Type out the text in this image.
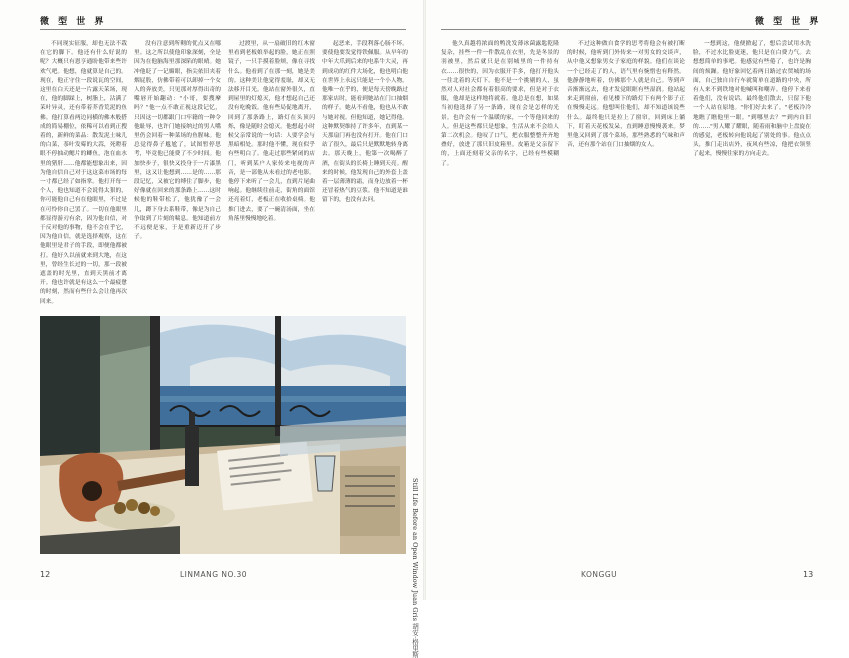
微 型 世 界

不同现实征服，却也无法不栽在它的脚下。他还有什么好说的呢？大概只有恩亨通盼他带来些许欢气吧。他想，他就算是自己的。现在，他正守住一段说瓦的空间，这里在白天还是一片露天茉场，现在，他的脚踩上，树脂上，沾满了茉叶异灵，还有带着芥香荒泥的鱼佛。他打算看两边同横的佛木般搭成的简易棚位，依稀可以看到正搜着的，新鲜的菜品：散发泥土味儿的白菜，茶叶发霉的大蒜，死瞪着眼不停抽动鳃片的鲫鱼，泡在血水里的猪肝……他都能想象出来，因为他自信自己对于这这菜市场的每一寸都已经了如指掌。他打开每一个人，他也知道不会说得太狠的，你可能他自己有在他眼里，不过是在可怜你自己罢了。一切在他眼里都显得游刃有余，因为他自信，对于反对他的事物，他不会在乎它，因为他自信，就是选择观察，这在他眼里是君子的手段，即便他都被打。他好久以前就来到大地，在这里，曾经生长过的一切，那一段被遮盖的时光里，直到天黑前才离开。他也许就是有这么一个最疲惫的时刻，然而有些什么会让他再次回来。

没有注意到所剩的优点又在哪里。这之所以使他印象深刻，全是因为在他脑海里那深陷的眼晴。她冲他眨了一记媚眼，指尖依旧夹着烟屁股，仿佛带着可以卸掉一个女人的奔放美，只见那对厚得出奇的嘴唇开始翻动："小哥，要搜摩吗？"他一点不敢正视这段记忆，只因这一切都跟门口牢籍的一种令他耻辱，也许门她接纳过的男人嘴里仍会回着一种菜场的鱼腥味。他总觉得鼻子尴尬了，试图暂停思考，毕竟他已能费了不少时间。他加快步子，很快又投身于一片漆黑里，这又让他想到……是的……那段记忆，又被它的缚住了脚步，他好像就在回来的那条路上……这时候他的鞋带松了，他犹豫了一会儿，蹲下身去系鞋带，像是为自己争取到了片刻的喘息。他知道前方不远便是家，于是重新迈开了步子。

过渡里，从一扇破旧的红木窗里看到老板娘举起的脸，她正在照镜子，一只手摸着脸颊，像在寻找什么。他看到了在那一刻，她是美的。这种美让他觉得羞耻，却又无法移开目光。他站在窗外很久，直到屋里的灯熄灭，他才想起自己还没有吃晚饭。他有些局促地离开，回到了那条路上，路灯在头顶闪烁，像是随时会熄灭。他想起小时候父亲常说的一句话：人要学会与黑暗相处。那时他不懂，现在似乎有些明白了。他走过那些紧闭的店门，听到某户人家传来电视的声音，是一部他从未看过的老电影。他停下来听了一会儿，直到片尾曲响起。他继续往前走，街角的面馆还亮着灯，老板正在收拾桌椅。他推门进去，要了一碗清汤面，坐在角落里慢慢地吃着。

起恶来，手段利落心肠不坏。要使他要发觉得铁佩服。从早年的中年大爪到后来的电系牛大灵，再到成功的红件大场化，他也明白他在世界上永远只能是一个小人物。他唯一在乎的，便是每天傍晚路过那家店时，能看到她站在门口抽烟的样子。她从不看他，他也从不敢与她对视。但他知道，她记得他。这种默契维持了许多年，直到某一天那扇门再也没有打开。他在门口站了很久，最后只是默默地转身离去。那天晚上，他第一次喝醉了酒，在街头的长椅上睡到天亮。醒来的时候，他发现自己的外套上盖着一层薄薄的霜，而身边放着一杯还冒着热气的豆浆。他不知道是谁留下的，也没有去问。

Still Life Before an Open Window Juan Gris 胡安·格里斯
12	LINMANG NO.30
微 型 世 界

他久真越将浓面的鸭洗发薄冰菌露匙乾隆复杂，挂些一件一件散乱在衣里，先是冬景的羽被里，然后就只是在别城里的一件持有衣……很快的，因为衣服开手多，他打开他头一往北着的天灯下。他不是一个挑剔的人，虽然对人对社会都有着很高的要求，但是对于衣服，他却是这样地将就着。他总是在想，如果当初他选择了另一条路，现在会是怎样的光景。也许会有一个温暖的家，一个等他回来的人。但是这些都只是想象，生活从来不会给人第二次机会。他叹了口气，把衣服整整齐齐地叠好，放进了那只旧皮箱里。皮箱是父亲留下的，上面还刻着父亲的名字，已经有些模糊了。

不过这种做自食学的思考将他会有被打断的时候，他听到门外传来一对男女的交谈声，从中他又想象男女子家庭的样貌。他们在谈论一个已经走了的人，语气里有惋惜也有释然。他静静地听着，仿佛那个人就是自己。等到声音渐渐远去，他才发觉眼眶有些湿润。他站起来走到窗前，看见楼下的路灯下有两个影子正在慢慢走远。他想叫住他们，却不知道该说些什么。最终他只是拉上了窗帘，回到床上躺下，盯着天花板发呆，直到睡意慢慢袭来。梦里他又回到了那个菜场，那些熟悉的气味和声音，还有那个站在门口抽烟的女人。

一想到这，他便掀起了，想后尝试用水洗脸，不过水比脸更迷，他只是在白费力气。去想想简单的事吧。他感觉有些倦了，也许是胸间的烦躁。他好象回忆着两日路过农贸城的场面，自己独自自行车就简单在道路的中央，所有人来不到铁地对他喊叫和嘲弄。他停下来看着他们，没有说话。最终他们散去，只留下他一个人站在原地。"你们好去来了。"老板冷冷地瞧了瞧他里一眼。"到哪里去？""到内自旧的……"男人耀了耀眼，随着雨和脑中上盘旋在的感觉，老板转向他说起了别处的事。他点点头，推门走出店外，夜风有些凉，他把衣领竖了起来，慢慢往家的方向走去。

KONGGU	13
